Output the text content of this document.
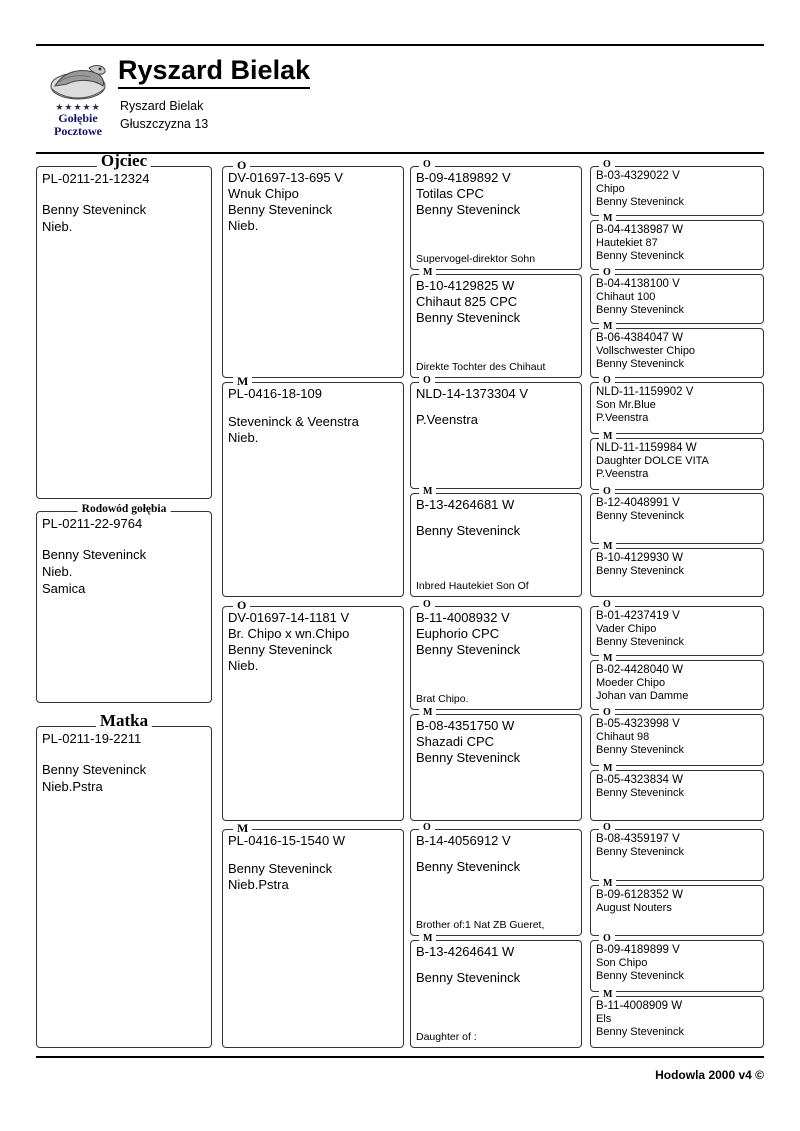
★★★★★
Gołębie
Pocztowe
Ryszard Bielak
Ryszard Bielak
Głuszczyzna 13
Ojciec
PL-0211-21-12324
Benny Steveninck
Nieb.
Rodowód gołębia
PL-0211-22-9764
Benny Steveninck
Nieb.
Samica
Matka
PL-0211-19-2211
Benny Steveninck
Nieb.Pstra
O
DV-01697-13-695 V
Wnuk Chipo
Benny Steveninck
Nieb.
M
PL-0416-18-109
Steveninck & Veenstra
Nieb.
O
DV-01697-14-1181 V
Br. Chipo x wn.Chipo
Benny Steveninck
Nieb.
M
PL-0416-15-1540 W
Benny Steveninck
Nieb.Pstra
O
B-09-4189892 V
Totilas CPC
Benny Steveninck
Supervogel-direktor Sohn
M
B-10-4129825 W
Chihaut 825 CPC
Benny Steveninck
Direkte Tochter des Chihaut
O
NLD-14-1373304 V
P.Veenstra
M
B-13-4264681 W
Benny Steveninck
Inbred Hautekiet Son Of
O
B-11-4008932 V
Euphorio CPC
Benny Steveninck
Brat Chipo.
M
B-08-4351750 W
Shazadi CPC
Benny Steveninck
O
B-14-4056912 V
Benny Steveninck
Brother of:1 Nat ZB Gueret,
M
B-13-4264641 W
Benny Steveninck
Daughter of :
O
B-03-4329022 V
Chipo
Benny Steveninck
M
B-04-4138987 W
Hautekiet 87
Benny Steveninck
O
B-04-4138100 V
Chihaut 100
Benny Steveninck
M
B-06-4384047 W
Vollschwester Chipo
Benny Steveninck
O
NLD-11-1159902 V
Son Mr.Blue
P.Veenstra
M
NLD-11-1159984 W
Daughter DOLCE VITA
P.Veenstra
O
B-12-4048991 V
Benny Steveninck
M
B-10-4129930 W
Benny Steveninck
O
B-01-4237419 V
Vader Chipo
Benny Steveninck
M
B-02-4428040 W
Moeder Chipo
Johan van Damme
O
B-05-4323998 V
Chihaut 98
Benny Steveninck
M
B-05-4323834 W
Benny Steveninck
O
B-08-4359197 V
Benny Steveninck
M
B-09-6128352 W
August Nouters
O
B-09-4189899 V
Son Chipo
Benny Steveninck
M
B-11-4008909 W
Els
Benny Steveninck
Hodowla 2000 v4 ©
